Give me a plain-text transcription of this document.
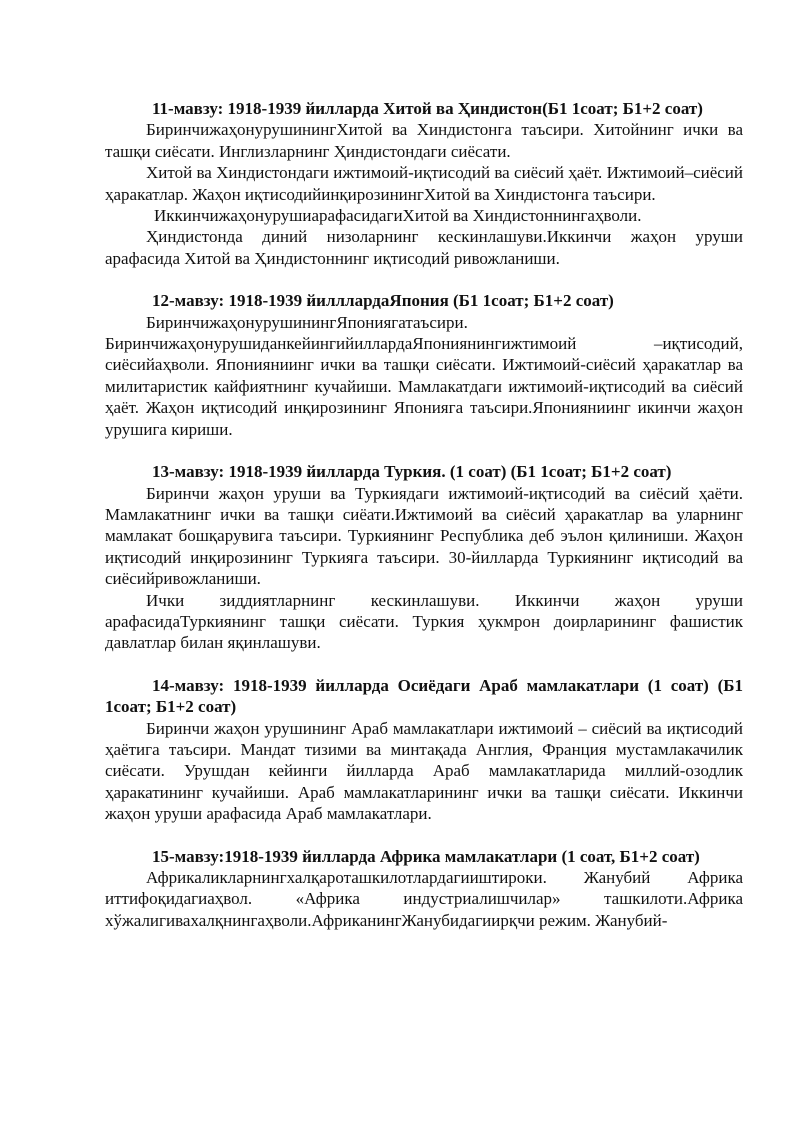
11-мавзу: 1918-1939 йилларда Хитой ва Ҳиндистон(Б1 1соат; Б1+2 соат)

БиринчижаҳонурушинингХитой ва Хиндистонга таъсири. Хитойнинг ички ва ташқи сиёсати. Инглизларнинг Ҳиндистондаги сиёсати.

Хитой ва Хиндистондаги ижтимоий-иқтисодий ва сиёсий ҳаёт. Ижтимоий–сиёсий ҳаракатлар. Жаҳон иқтисодийинқирозинингХитой ва Хиндистонга таъсири.

ИккинчижаҳонурушиарафасидагиХитой ва Хиндистоннингаҳволи.

Ҳиндистонда диний низоларнинг кескинлашуви.Иккинчи жаҳон уруши арафасида Хитой ва Ҳиндистоннинг иқтисодий ривожланиши.

12-мавзу: 1918-1939 йилллардаЯпония (Б1 1соат; Б1+2 соат)

БиринчижаҳонурушинингЯпониягатаъсири. БиринчижаҳонурушиданкейингийиллардаЯпониянингижтимоий –иқтисодий, сиёсийаҳволи. Японияниинг ички ва ташқи сиёсати. Ижтимоий-сиёсий ҳаракатлар ва милитаристик кайфиятнинг кучайиши. Мамлакатдаги ижтимоий-иқтисодий ва сиёсий ҳаёт. Жаҳон иқтисодий инқирозининг Японияга таъсири.Японияниинг икинчи жаҳон урушига кириши.

13-мавзу: 1918-1939 йилларда Туркия. (1 соат) (Б1 1соат; Б1+2 соат)

Биринчи жаҳон уруши ва Туркиядаги ижтимоий-иқтисодий ва сиёсий ҳаёти. Мамлакатнинг ички ва ташқи сиёати.Ижтимоий ва сиёсий ҳаракатлар ва уларнинг мамлакат бошқарувига таъсири. Туркиянинг Республика деб эълон қилиниши. Жаҳон иқтисодий инқирозининг Туркияга таъсири. 30-йилларда Туркиянинг иқтисодий ва сиёсийривожланиши.

Ички зиддиятларнинг кескинлашуви. Иккинчи жаҳон уруши арафасидаТуркиянинг ташқи сиёсати. Туркия ҳукмрон доирларининг фашистик давлатлар билан яқинлашуви.

14-мавзу: 1918-1939 йилларда Осиёдаги Араб мамлакатлари (1 соат) (Б1 1соат; Б1+2 соат)

Биринчи жаҳон урушининг Араб мамлакатлари ижтимоий – сиёсий ва иқтисодий ҳаётига таъсири. Мандат тизими ва минтақада Англия, Франция мустамлакачилик сиёсати. Урушдан кейинги йилларда Араб мамлакатларида миллий-озодлик ҳаракатининг кучайиши. Араб мамлакатларининг ички ва ташқи сиёсати. Иккинчи жаҳон уруши арафасида Араб мамлакатлари.

15-мавзу:1918-1939 йилларда Африка мамлакатлари (1 соат, Б1+2 соат)

Африкаликларнингхалқароташкилотлардагииштироки. Жанубий Африка иттифоқидагиаҳвол. «Африка индустриалишчилар» ташкилоти.Африка хўжалигивахалқнингаҳволи.АфриканингЖанубидагиирқчи режим. Жанубий-
